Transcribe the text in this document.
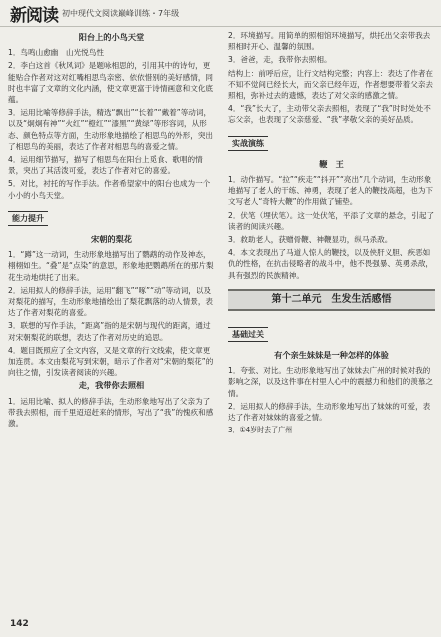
新阅读 初中现代文阅读巅峰训练・7年级
阳台上的小鸟天堂
1．鸟鸣山愈幽　山光悦鸟性
2．李白这首《秋风词》是题咏相思的，引用其中的诗句，更能贴合作者对这对红嘴相思鸟亲密、依依惜别的美好感情，同时也丰富了文章的文化内涵，使文章更富于诗情画意和文化底蕴。
3．运用比喻等修辞手法，精选“飘出”“长着”“戴着”等动词，以及“炯炯有神”“火红”“橙红”“漆黑”“黄绿”等形容词，从形态、颜色特点等方面，生动形象地描绘了相思鸟的外形，突出了相思鸟的美丽，表达了作者对相思鸟的喜爱之情。
4．运用细节描写，描写了相思鸟在阳台上觅食、歌唱的情景，突出了其活泼可爱，表达了作者对它的喜爱。
5．对比，衬托的写作手法。作者希望家中的阳台也成为一个小小的小鸟天堂。
能力提升
宋朝的梨花
1．“蹲”这一动词，生动形象地描写出了鹦鹉的动作及神态，栩栩如生。“叠”是“点染”的意思，形象地把鹦鹉所在的那片梨花生动地烘托了出来。
2．运用拟人的修辞手法，运用“翻飞”“啄”“动”等动词，以及对梨花的描写，生动形象地描绘出了梨花飘落的动人情景，表达了作者对梨花的喜爱。
3．联想的写作手法，“距离”指的是宋朝与现代的距离，通过对宋朝梨花的联想，表达了作者对历史的追思。
4．题目既照应了全文内容，又是文章的行文线索，使文章更加连贯。本文由梨花写到宋朝，暗示了作者对“宋朝的梨花”的向往之情，引发读者阅读的兴趣。
走，我带你去照相
1．运用比喻、拟人的修辞手法，生动形象地写出了父亲为了带我去照相，而千里迢迢赶来的情形，写出了“我”的愧疚和感激。
2．环境描写。用简单的照相馆环境描写，烘托出父亲带我去照相时开心、温馨的氛围。
3．爸爸，走，我带你去照相。
结构上：前呼后应，让行文结构完整；内容上：表达了作者在不知不觉间已经长大，而父亲已经年迈，作者想要带着父亲去照相，弥补过去的遗憾，表达了对父亲的感激之情。
4．“我”长大了，主动带父亲去照相，表现了“我”时时处处不忘父亲，也表现了父亲慈爱、“我”孝敬父亲的美好品质。
实战演练
鞭　王
1．动作描写。“拉”“疾走”“抖开”“亮出”几个动词，生动形象地描写了老人的干练、神勇，表现了老人的鞭技高超，也为下文写老人“奇特大鞭”的作用做了铺垫。
2．伏笔（埋伏笔）。这一处伏笔，平添了文章的悬念，引起了读者的阅读兴趣。
3．救助老人，获赠骨鞭、神鞭显功，纵马杀敌。
4．本文表现出了马道人惊人的鞭技，以及侠肝义胆、疾恶如仇的性格，在抗击侵略者的战斗中，他不畏强暴、英勇杀敌，具有强烈的民族精神。
第十二单元　生发生活感悟
基础过关
有个亲生妹妹是一种怎样的体验
1．夸张、对比。生动形象地写出了妹妹去广州的时候对我的影响之深，以及这件事在村里人心中的震撼力和他们的羡慕之情。
2．运用拟人的修辞手法，生动形象地写出了妹妹的可爱，表达了作者对妹妹的喜爱之情。
3．①4岁时去了广州
142
